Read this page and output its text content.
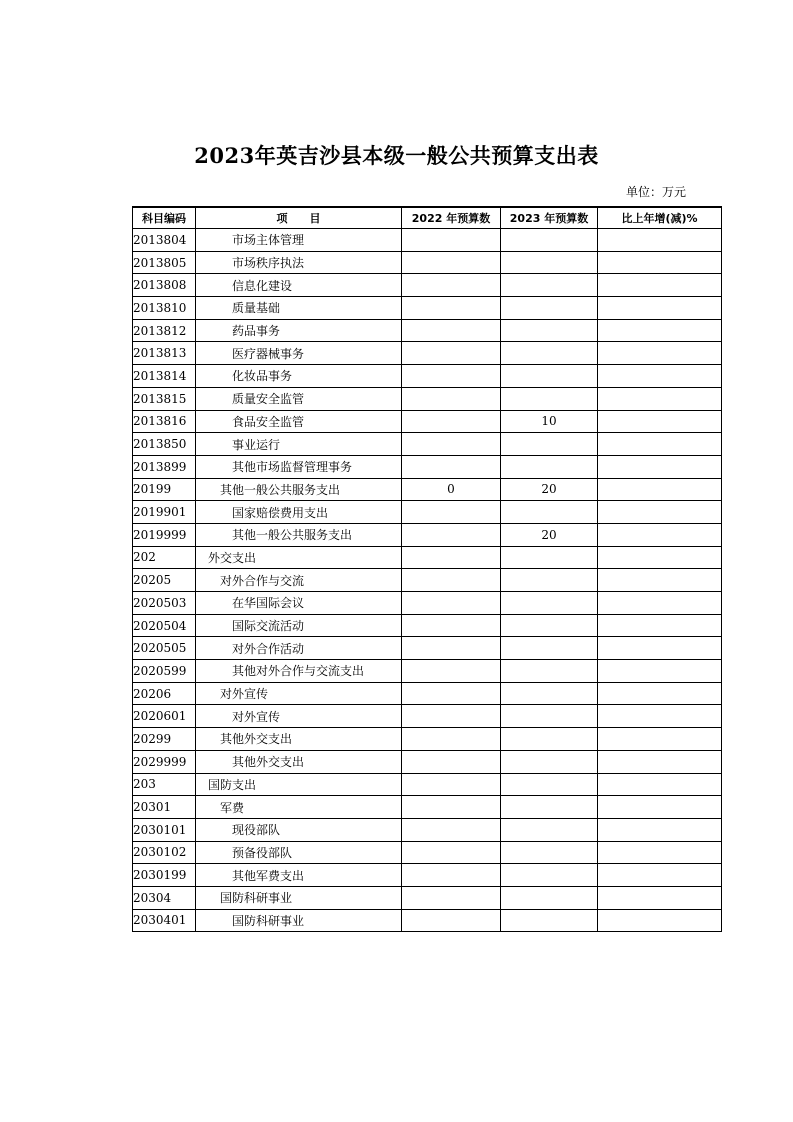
2023年英吉沙县本级一般公共预算支出表
单位：万元
科目编码	项　　目	2022 年预算数	2023 年预算数	比上年增(减)%
2013804	市场主体管理			
2013805	市场秩序执法			
2013808	信息化建设			
2013810	质量基础			
2013812	药品事务			
2013813	医疗器械事务			
2013814	化妆品事务			
2013815	质量安全监管			
2013816	食品安全监管		10	
2013850	事业运行			
2013899	其他市场监督管理事务			
20199	其他一般公共服务支出	0	20	
2019901	国家赔偿费用支出			
2019999	其他一般公共服务支出		20	
202	外交支出			
20205	对外合作与交流			
2020503	在华国际会议			
2020504	国际交流活动			
2020505	对外合作活动			
2020599	其他对外合作与交流支出			
20206	对外宣传			
2020601	对外宣传			
20299	其他外交支出			
2029999	其他外交支出			
203	国防支出			
20301	军费			
2030101	现役部队			
2030102	预备役部队			
2030199	其他军费支出			
20304	国防科研事业			
2030401	国防科研事业			
